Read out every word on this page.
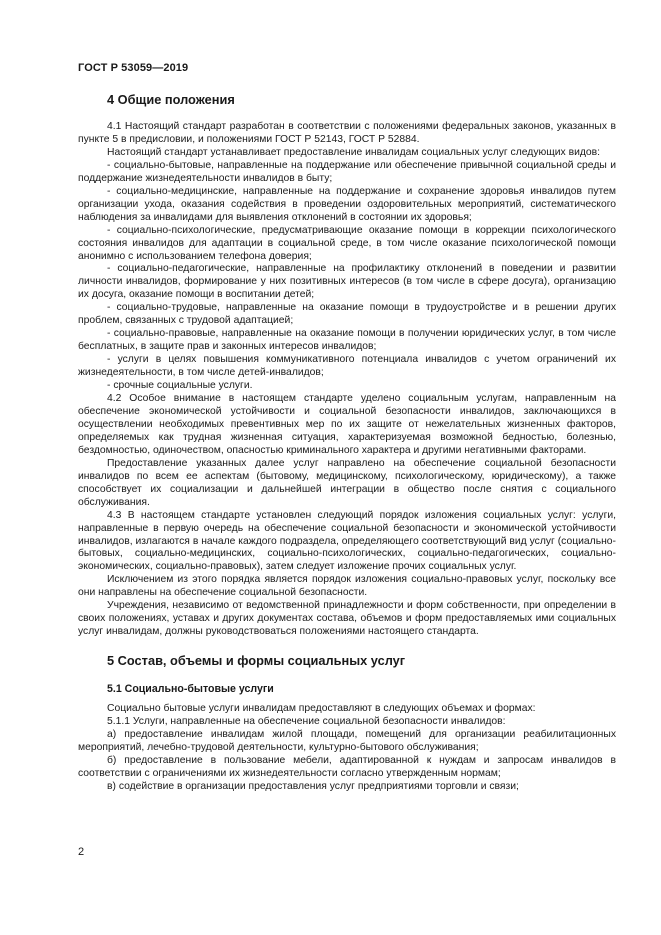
ГОСТ Р 53059—2019
4 Общие положения

4.1 Настоящий стандарт разработан в соответствии с положениями федеральных законов, указанных в пункте 5 в предисловии, и положениями ГОСТ Р 52143, ГОСТ Р 52884.

Настоящий стандарт устанавливает предоставление инвалидам социальных услуг следующих видов:

- социально-бытовые, направленные на поддержание или обеспечение привычной социальной среды и поддержание жизнедеятельности инвалидов в быту;

- социально-медицинские, направленные на поддержание и сохранение здоровья инвалидов путем организации ухода, оказания содействия в проведении оздоровительных мероприятий, систематического наблюдения за инвалидами для выявления отклонений в состоянии их здоровья;

- социально-психологические, предусматривающие оказание помощи в коррекции психологического состояния инвалидов для адаптации в социальной среде, в том числе оказание психологической помощи анонимно с использованием телефона доверия;

- социально-педагогические, направленные на профилактику отклонений в поведении и развитии личности инвалидов, формирование у них позитивных интересов (в том числе в сфере досуга), организацию их досуга, оказание помощи в воспитании детей;

- социально-трудовые, направленные на оказание помощи в трудоустройстве и в решении других проблем, связанных с трудовой адаптацией;

- социально-правовые, направленные на оказание помощи в получении юридических услуг, в том числе бесплатных, в защите прав и законных интересов инвалидов;

- услуги в целях повышения коммуникативного потенциала инвалидов с учетом ограничений их жизнедеятельности, в том числе детей-инвалидов;

- срочные социальные услуги.

4.2 Особое внимание в настоящем стандарте уделено социальным услугам, направленным на обеспечение экономической устойчивости и социальной безопасности инвалидов, заключающихся в осуществлении необходимых превентивных мер по их защите от нежелательных жизненных факторов, определяемых как трудная жизненная ситуация, характеризуемая возможной бедностью, болезнью, бездомностью, одиночеством, опасностью криминального характера и другими негативными факторами.

Предоставление указанных далее услуг направлено на обеспечение социальной безопасности инвалидов по всем ее аспектам (бытовому, медицинскому, психологическому, юридическому), а также способствует их социализации и дальнейшей интеграции в общество после снятия с социального обслуживания.

4.3 В настоящем стандарте установлен следующий порядок изложения социальных услуг: услуги, направленные в первую очередь на обеспечение социальной безопасности и экономической устойчивости инвалидов, излагаются в начале каждого подраздела, определяющего соответствующий вид услуг (социально-бытовых, социально-медицинских, социально-психологических, социально-педагогических, социально-экономических, социально-правовых), затем следует изложение прочих социальных услуг.

Исключением из этого порядка является порядок изложения социально-правовых услуг, поскольку все они направлены на обеспечение социальной безопасности.

Учреждения, независимо от ведомственной принадлежности и форм собственности, при определении в своих положениях, уставах и других документах состава, объемов и форм предоставляемых ими социальных услуг инвалидам, должны руководствоваться положениями настоящего стандарта.

5 Состав, объемы и формы социальных услуг
5.1 Социально-бытовые услуги

Социально бытовые услуги инвалидам предоставляют в следующих объемах и формах:

5.1.1 Услуги, направленные на обеспечение социальной безопасности инвалидов:

а) предоставление инвалидам жилой площади, помещений для организации реабилитационных мероприятий, лечебно-трудовой деятельности, культурно-бытового обслуживания;

б) предоставление в пользование мебели, адаптированной к нуждам и запросам инвалидов в соответствии с ограничениями их жизнедеятельности согласно утвержденным нормам;

в) содействие в организации предоставления услуг предприятиями торговли и связи;

2
